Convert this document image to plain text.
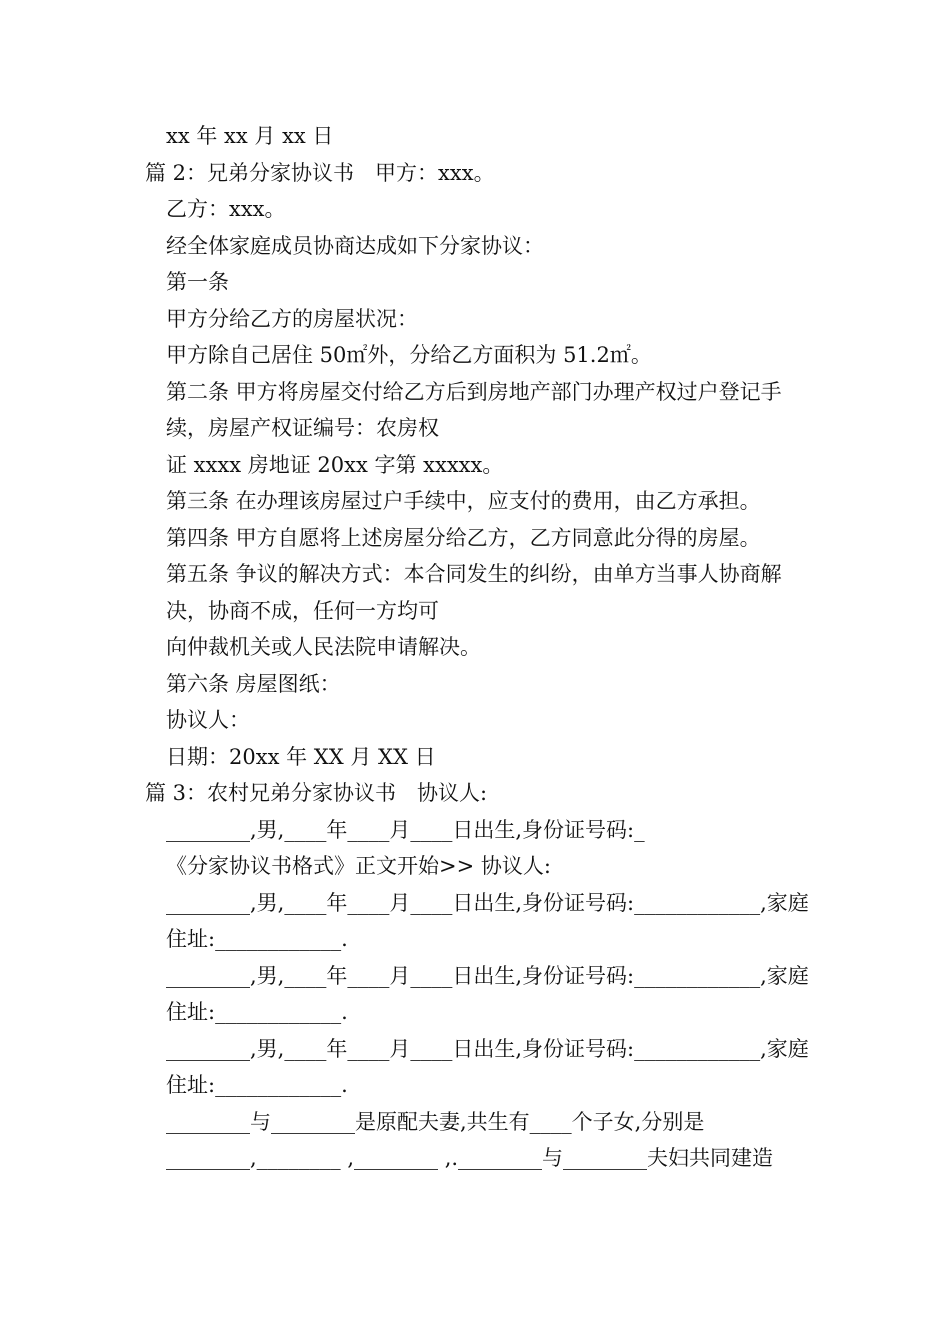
xx 年 xx 月 xx 日

篇 2：兄弟分家协议书　甲方：xxx。

乙方：xxx。

经全体家庭成员协商达成如下分家协议：

第一条

甲方分给乙方的房屋状况：

甲方除自己居住 50㎡外，分给乙方面积为 51.2㎡。

第二条 甲方将房屋交付给乙方后到房地产部门办理产权过户登记手续，房屋产权证编号：农房权

证 xxxx 房地证 20xx 字第 xxxxx。

第三条 在办理该房屋过户手续中，应支付的费用，由乙方承担。

第四条 甲方自愿将上述房屋分给乙方，乙方同意此分得的房屋。

第五条 争议的解决方式：本合同发生的纠纷，由单方当事人协商解决，协商不成，任何一方均可

向仲裁机关或人民法院申请解决。

第六条 房屋图纸：

协议人：

日期：20xx 年 XX 月 XX 日

篇 3：农村兄弟分家协议书　协议人:

________,男,____年____月____日出生,身份证号码:_

《分家协议书格式》正文开始>> 协议人:

________,男,____年____月____日出生,身份证号码:____________,家庭住址:____________.

________,男,____年____月____日出生,身份证号码:____________,家庭住址:____________.

________,男,____年____月____日出生,身份证号码:____________,家庭住址:____________.

________与________是原配夫妻,共生有____个子女,分别是

________,________ ,________ ,.________与________夫妇共同建造
